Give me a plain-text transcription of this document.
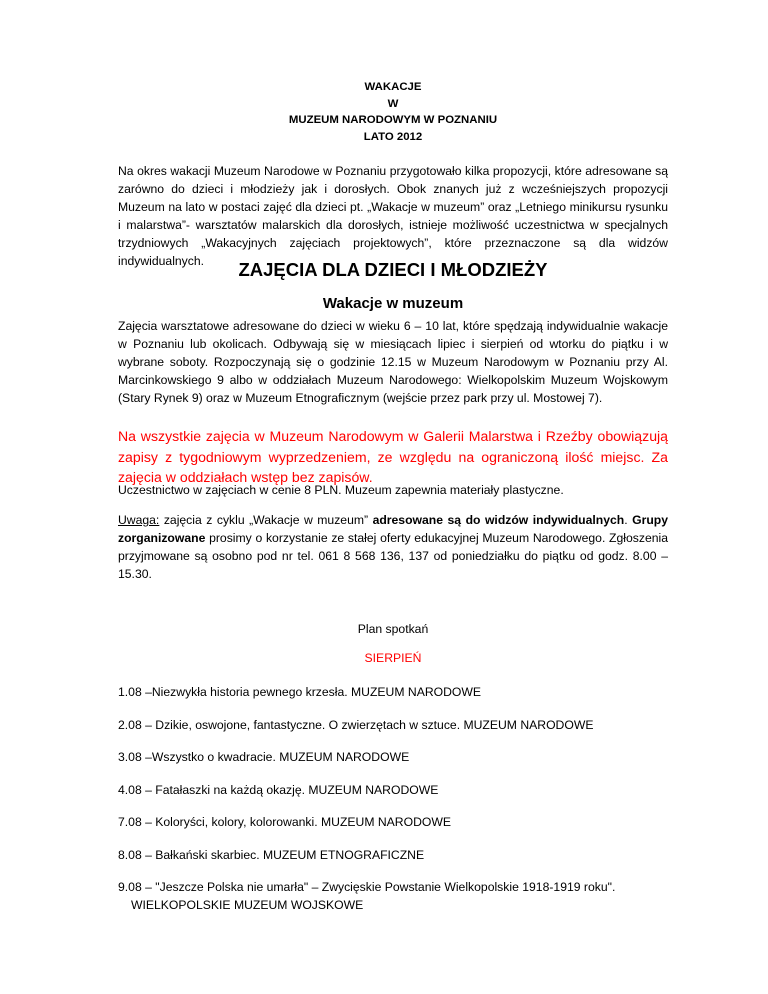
WAKACJE
W
MUZEUM NARODOWYM W POZNANIU
LATO 2012

Na okres wakacji Muzeum Narodowe w Poznaniu przygotowało kilka propozycji, które adresowane są zarówno do dzieci i młodzieży jak i dorosłych. Obok znanych już z wcześniejszych propozycji Muzeum na lato w postaci zajęć dla dzieci pt. „Wakacje w muzeum” oraz „Letniego minikursu rysunku i malarstwa”- warsztatów malarskich dla dorosłych, istnieje możliwość uczestnictwa w specjalnych trzydniowych „Wakacyjnych zajęciach projektowych”, które przeznaczone są dla widzów indywidualnych.	ZAJĘCIA DLA DZIECI I MŁODZIEŻY
Wakacje w muzeum

Zajęcia warsztatowe adresowane do dzieci w wieku 6 – 10 lat, które spędzają indywidualnie wakacje w Poznaniu lub okolicach. Odbywają się w miesiącach lipiec i sierpień od wtorku do piątku i w wybrane soboty. Rozpoczynają się o godzinie 12.15 w Muzeum Narodowym w Poznaniu przy Al. Marcinkowskiego 9 albo w oddziałach Muzeum Narodowego: Wielkopolskim Muzeum Wojskowym (Stary Rynek 9) oraz w Muzeum Etnograficznym (wejście przez park przy ul. Mostowej 7).

Na wszystkie zajęcia w Muzeum Narodowym w Galerii Malarstwa i Rzeźby obowiązują zapisy z tygodniowym wyprzedzeniem, ze względu na ograniczoną ilość miejsc. Za zajęcia w oddziałach wstęp bez zapisów.

Uczestnictwo w zajęciach w cenie 8 PLN. Muzeum zapewnia materiały plastyczne.

Uwaga: zajęcia z cyklu „Wakacje w muzeum” adresowane są do widzów indywidualnych. Grupy zorganizowane prosimy o korzystanie ze stałej oferty edukacyjnej Muzeum Narodowego. Zgłoszenia przyjmowane są osobno pod nr tel. 061 8 568 136, 137 od poniedziałku do piątku od godz. 8.00 – 15.30.

Plan spotkań
SIERPIEŃ
1.08 –Niezwykła historia pewnego krzesła. MUZEUM NARODOWE
2.08 – Dzikie, oswojone, fantastyczne. O zwierzętach w sztuce. MUZEUM NARODOWE
3.08 –Wszystko o kwadracie. MUZEUM NARODOWE
4.08 – Fatałaszki na każdą okazję. MUZEUM NARODOWE
7.08 – Koloryści, kolory, kolorowanki. MUZEUM NARODOWE
8.08 – Bałkański skarbiec. MUZEUM ETNOGRAFICZNE
9.08 – "Jeszcze Polska nie umarła" – Zwycięskie Powstanie Wielkopolskie 1918-1919 roku".
WIELKOPOLSKIE MUZEUM WOJSKOWE
